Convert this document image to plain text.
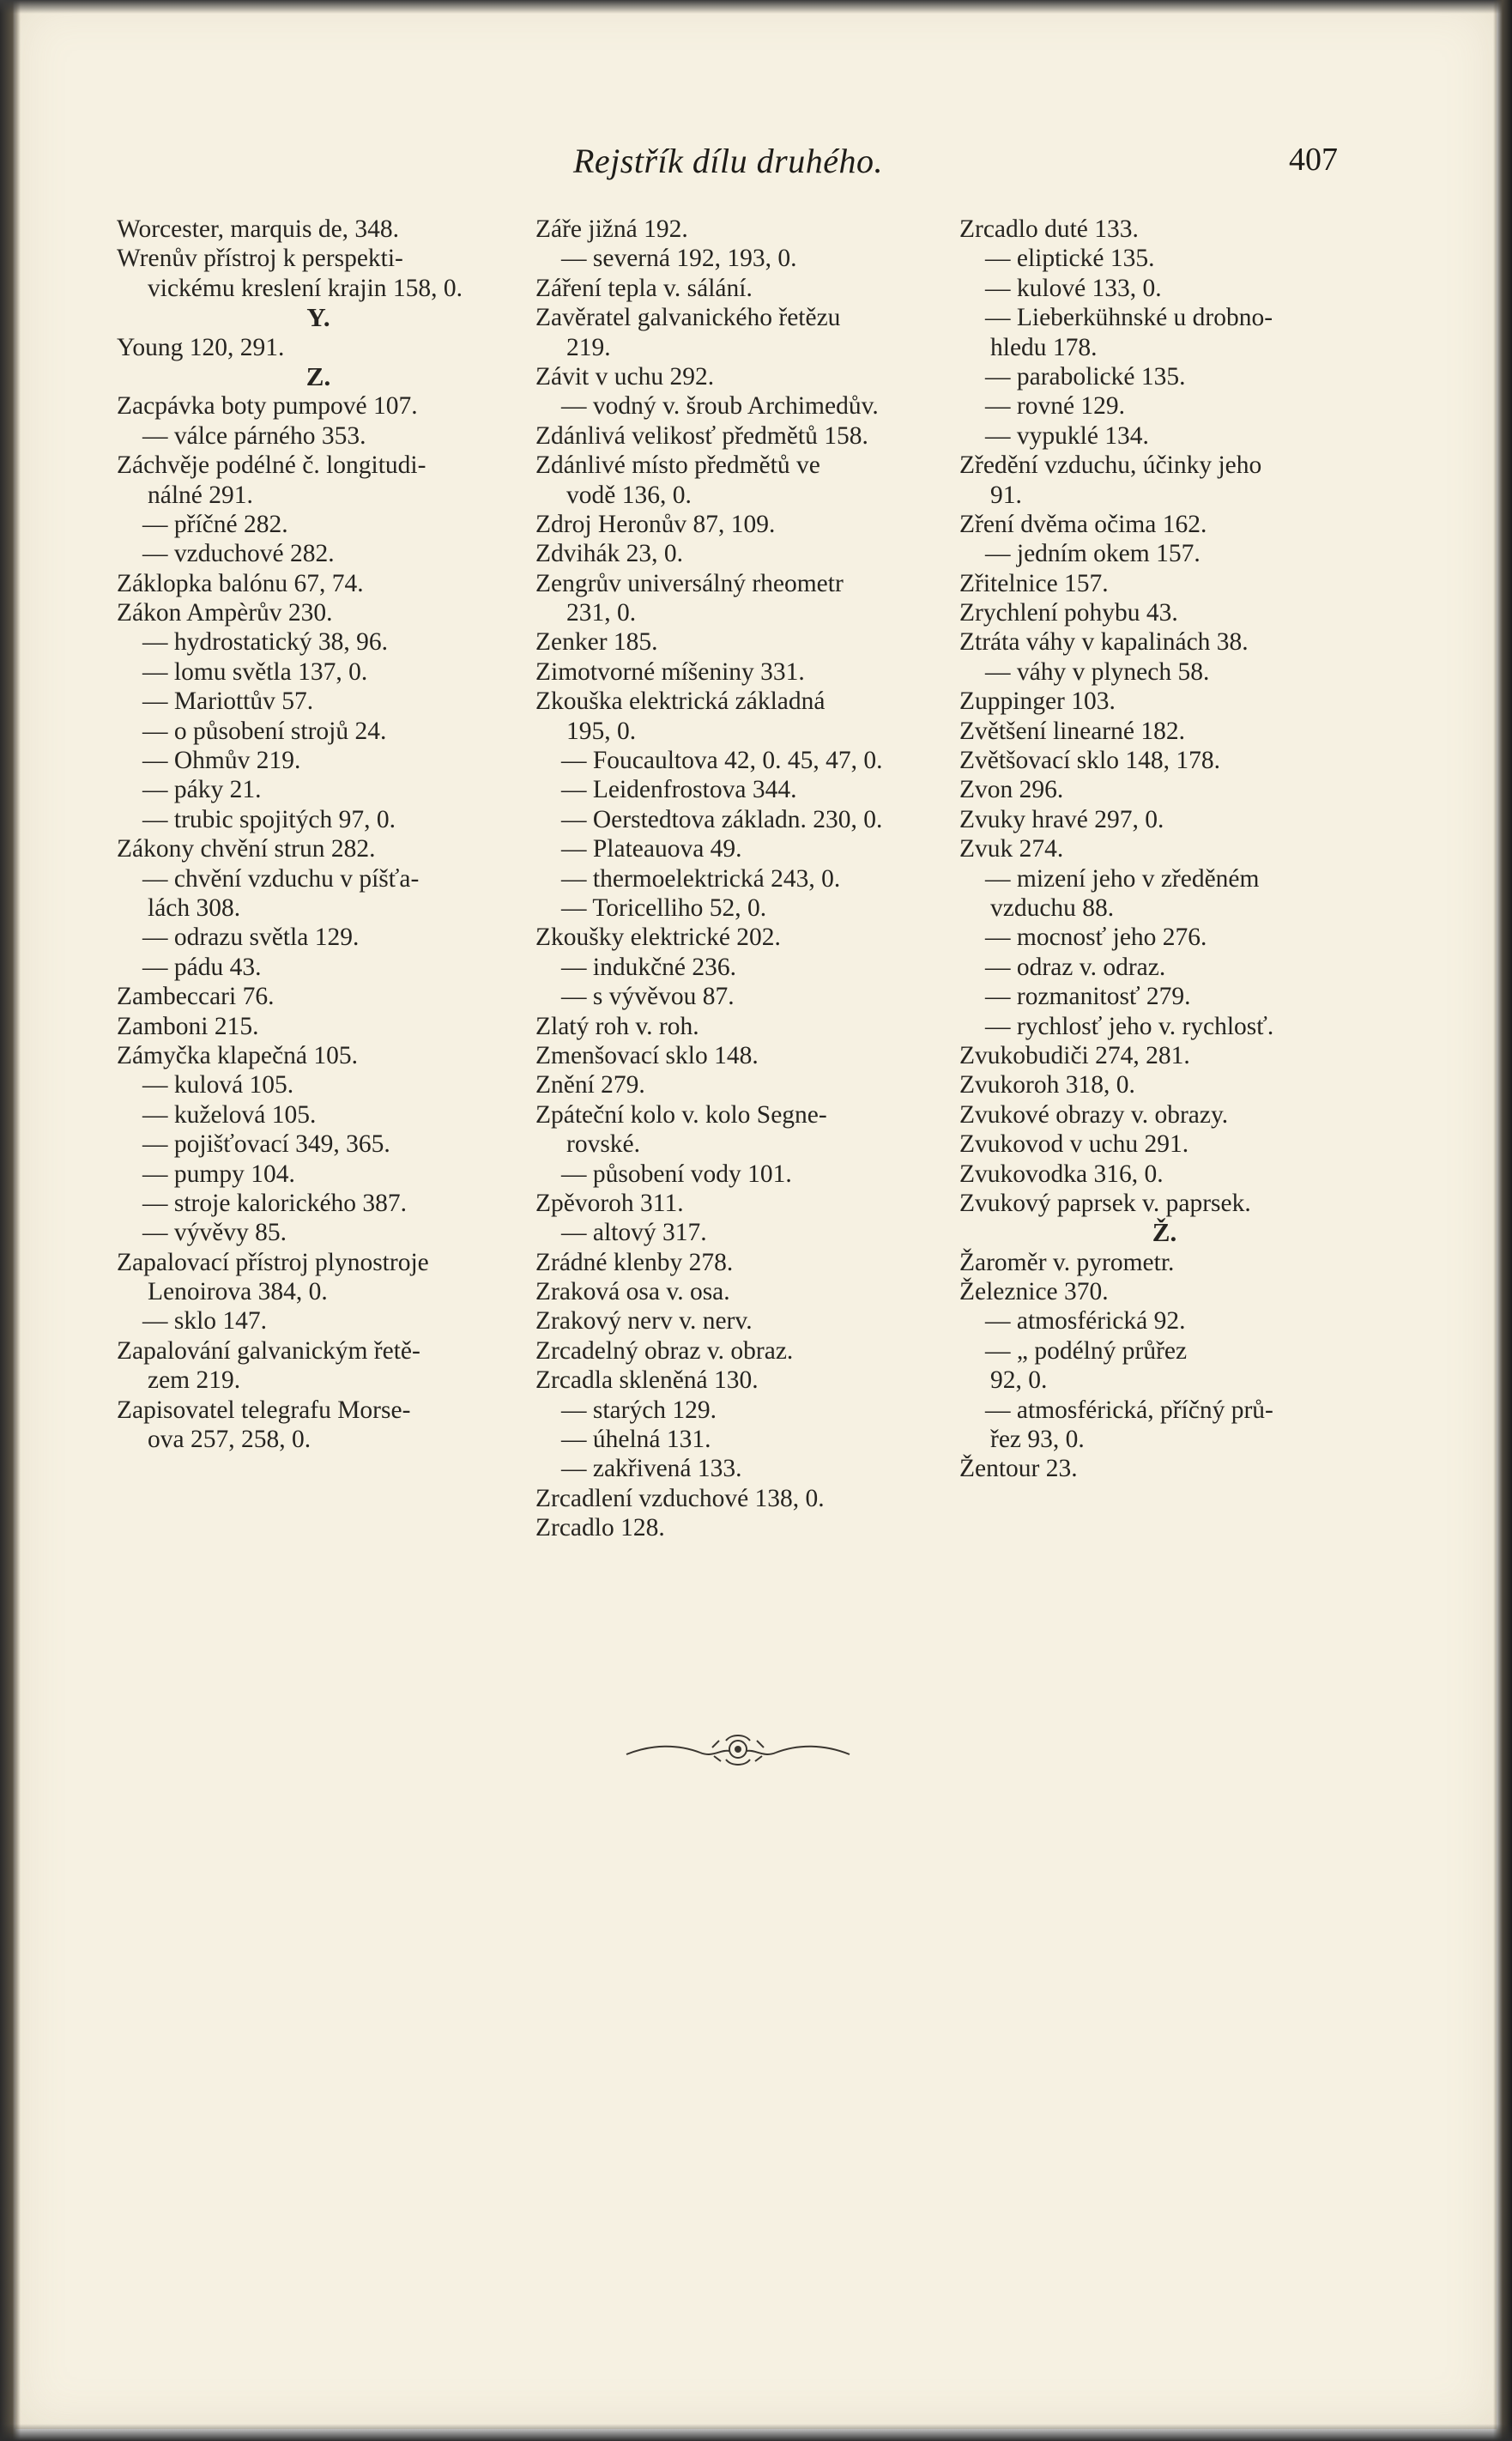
Rejstřík dílu druhého.	407
Worcester, marquis de, 348.
Wrenův přístroj k perspekti-
vickému kreslení krajin 158, 0.
Y.
Young 120, 291.
Z.
Zacpávka boty pumpové 107.
— válce párného 353.
Záchvěje podélné č. longitudi-
nálné 291.
— příčné 282.
— vzduchové 282.
Záklopka balónu 67, 74.
Zákon Ampèrův 230.
— hydrostatický 38, 96.
— lomu světla 137, 0.
— Mariottův 57.
— o působení strojů 24.
— Ohmův 219.
— páky 21.
— trubic spojitých 97, 0.
Zákony chvění strun 282.
— chvění vzduchu v píšťa-
lách 308.
— odrazu světla 129.
— pádu 43.
Zambeccari 76.
Zamboni 215.
Zámyčka klapečná 105.
— kulová 105.
— kuželová 105.
— pojišťovací 349, 365.
— pumpy 104.
— stroje kalorického 387.
— vývěvy 85.
Zapalovací přístroj plynostroje
Lenoirova 384, 0.
— sklo 147.
Zapalování galvanickým řetě-
zem 219.
Zapisovatel telegrafu Morse-
ova 257, 258, 0.
Záře jižná 192.
— severná 192, 193, 0.
Záření tepla v. sálání.
Zavěratel galvanického řetězu
219.
Závit v uchu 292.
— vodný v. šroub Archimedův.
Zdánlivá velikosť předmětů 158.
Zdánlivé místo předmětů ve
vodě 136, 0.
Zdroj Heronův 87, 109.
Zdvihák 23, 0.
Zengrův universálný rheometr
231, 0.
Zenker 185.
Zimotvorné míšeniny 331.
Zkouška elektrická základná
195, 0.
— Foucaultova 42, 0. 45, 47, 0.
— Leidenfrostova 344.
— Oerstedtova základn. 230, 0.
— Plateauova 49.
— thermoelektrická 243, 0.
— Toricelliho 52, 0.
Zkoušky elektrické 202.
— indukčné 236.
— s vývěvou 87.
Zlatý roh v. roh.
Zmenšovací sklo 148.
Znění 279.
Zpáteční kolo v. kolo Segne-
rovské.
— působení vody 101.
Zpěvoroh 311.
— altový 317.
Zrádné klenby 278.
Zraková osa v. osa.
Zrakový nerv v. nerv.
Zrcadelný obraz v. obraz.
Zrcadla skleněná 130.
— starých 129.
— úhelná 131.
— zakřivená 133.
Zrcadlení vzduchové 138, 0.
Zrcadlo 128.
Zrcadlo duté 133.
— eliptické 135.
— kulové 133, 0.
— Lieberkühnské u drobno-
hledu 178.
— parabolické 135.
— rovné 129.
— vypuklé 134.
Zředění vzduchu, účinky jeho
91.
Zření dvěma očima 162.
— jedním okem 157.
Zřitelnice 157.
Zrychlení pohybu 43.
Ztráta váhy v kapalinách 38.
— váhy v plynech 58.
Zuppinger 103.
Zvětšení linearné 182.
Zvětšovací sklo 148, 178.
Zvon 296.
Zvuky hravé 297, 0.
Zvuk 274.
— mizení jeho v zředěném
vzduchu 88.
— mocnosť jeho 276.
— odraz v. odraz.
— rozmanitosť 279.
— rychlosť jeho v. rychlosť.
Zvukobudiči 274, 281.
Zvukoroh 318, 0.
Zvukové obrazy v. obrazy.
Zvukovod v uchu 291.
Zvukovodka 316, 0.
Zvukový paprsek v. paprsek.
Ž.
Žaroměr v. pyrometr.
Železnice 370.
— atmosférická 92.
— „ podélný průřez
92, 0.
— atmosférická, příčný prů-
řez 93, 0.
Žentour 23.
